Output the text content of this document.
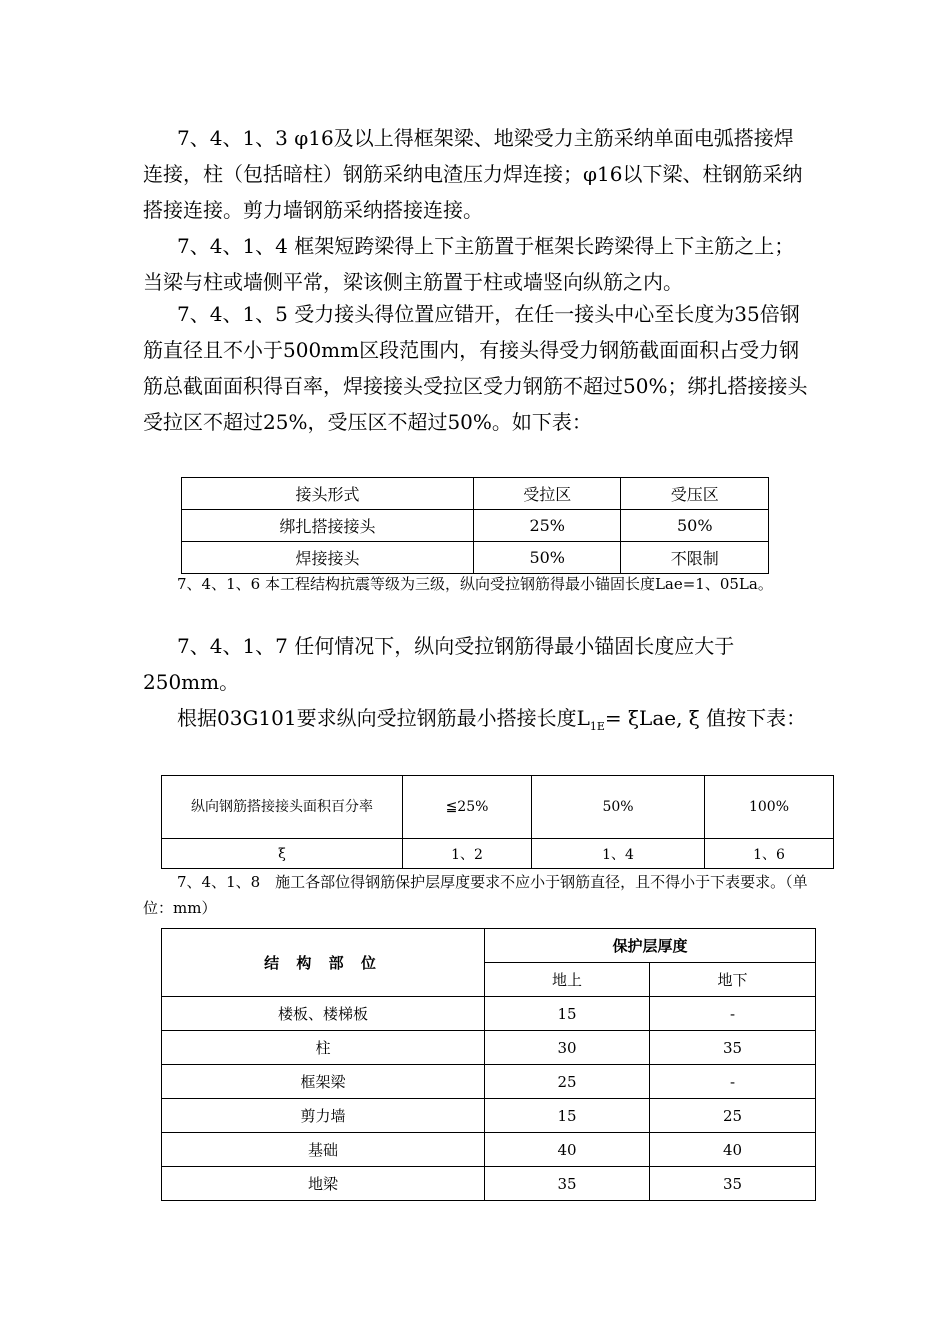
7、4、1、3 φ16及以上得框架梁、地梁受力主筋采纳单面电弧搭接焊连接，柱（包括暗柱）钢筋采纳电渣压力焊连接；φ16以下梁、柱钢筋采纳搭接连接。剪力墙钢筋采纳搭接连接。

7、4、1、4 框架短跨梁得上下主筋置于框架长跨梁得上下主筋之上；当梁与柱或墙侧平常，梁该侧主筋置于柱或墙竖向纵筋之内。

7、4、1、5 受力接头得位置应错开，在任一接头中心至长度为35倍钢筋直径且不小于500mm区段范围内，有接头得受力钢筋截面面积占受力钢筋总截面面积得百率，焊接接头受拉区受力钢筋不超过50%；绑扎搭接接头受拉区不超过25%，受压区不超过50%。如下表：

接头形式	受拉区	受压区
绑扎搭接接头	25%	50%
焊接接头	50%	不限制

7、4、1、6 本工程结构抗震等级为三级，纵向受拉钢筋得最小锚固长度Lae=1、05La。

7、4、1、7 任何情况下，纵向受拉钢筋得最小锚固长度应大于250mm。

根据03G101要求纵向受拉钢筋最小搭接长度$L_{1E}= \xi Lae$, ξ 值按下表：

纵向钢筋搭接接头面积百分率	≦25%	50%	100%
ξ	1、2	1、4	1、6

7、4、1、8　施工各部位得钢筋保护层厚度要求不应小于钢筋直径，且不得小于下表要求。（单位：mm）

结 构 部 位	保护层厚度	
	地上	地下
楼板、楼梯板	15	-
柱	30	35
框架梁	25	-
剪力墙	15	25
基础	40	40
地梁	35	35
